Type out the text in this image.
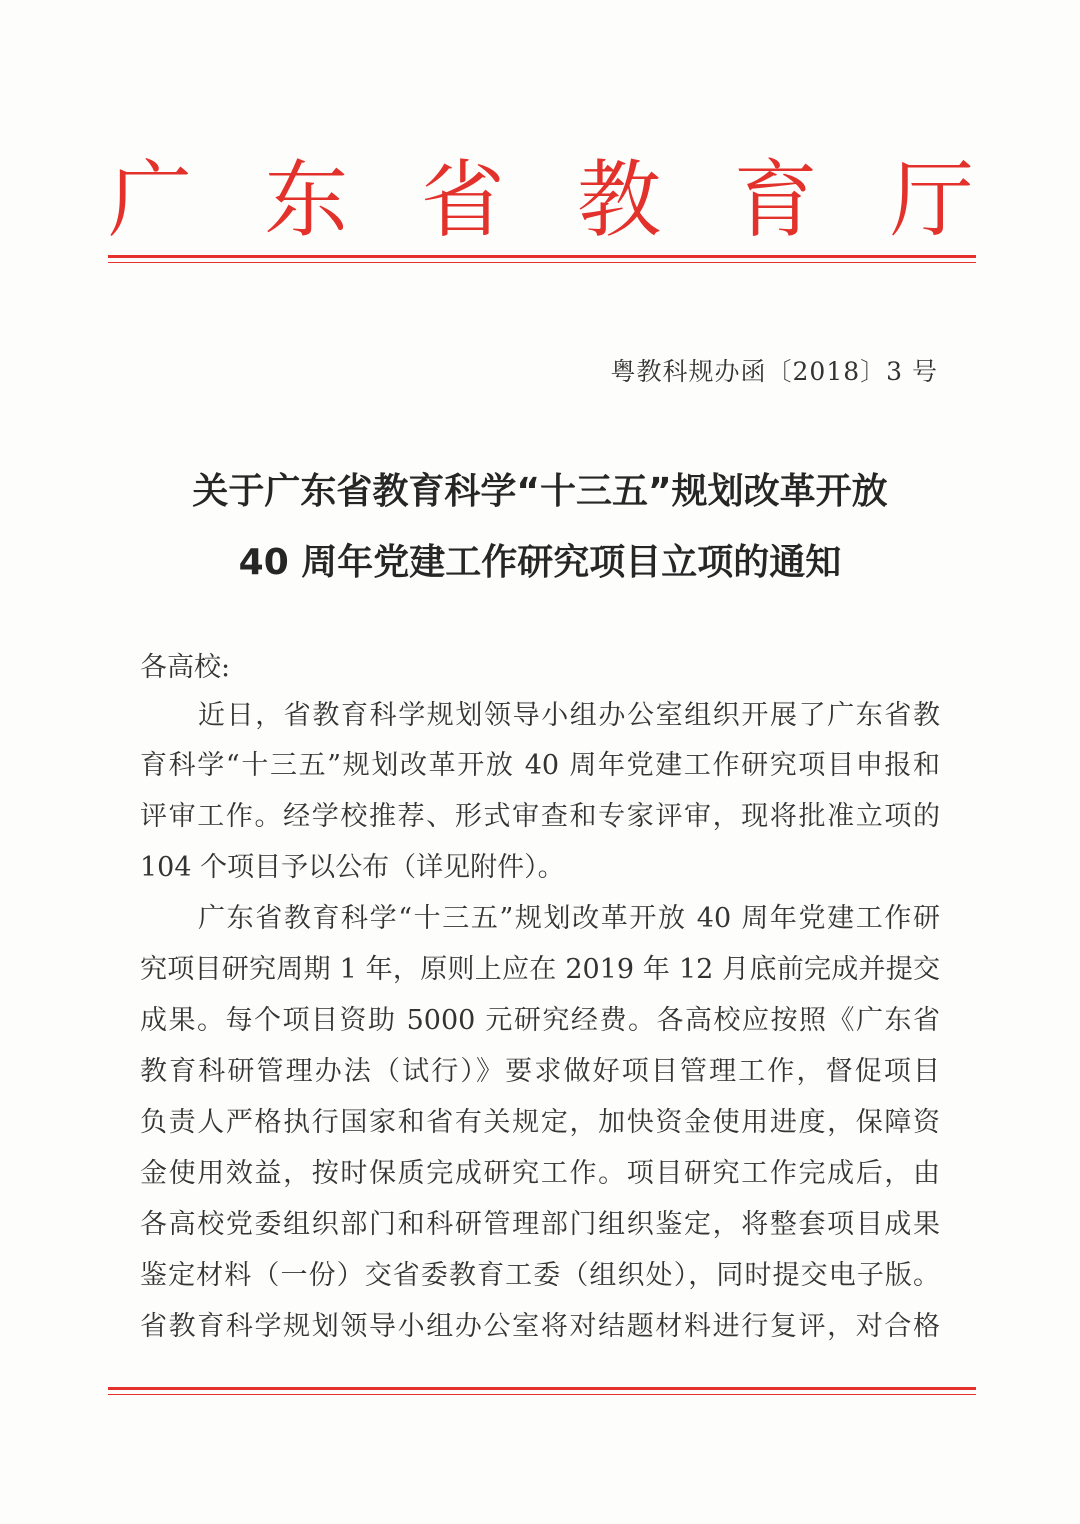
广 东 省 教 育 厅
粤教科规办函〔2018〕3 号
关于广东省教育科学“十三五”规划改革开放
40 周年党建工作研究项目立项的通知
各高校:
近日，省教育科学规划领导小组办公室组织开展了广东省教
育科学“十三五”规划改革开放 40 周年党建工作研究项目申报和
评审工作。经学校推荐、形式审查和专家评审，现将批准立项的
104 个项目予以公布（详见附件）。
广东省教育科学“十三五”规划改革开放 40 周年党建工作研
究项目研究周期 1 年，原则上应在 2019 年 12 月底前完成并提交
成果。每个项目资助 5000 元研究经费。各高校应按照《广东省
教育科研管理办法（试行）》要求做好项目管理工作，督促项目
负责人严格执行国家和省有关规定，加快资金使用进度，保障资
金使用效益，按时保质完成研究工作。项目研究工作完成后，由
各高校党委组织部门和科研管理部门组织鉴定，将整套项目成果
鉴定材料（一份）交省委教育工委（组织处），同时提交电子版。
省教育科学规划领导小组办公室将对结题材料进行复评，对合格
